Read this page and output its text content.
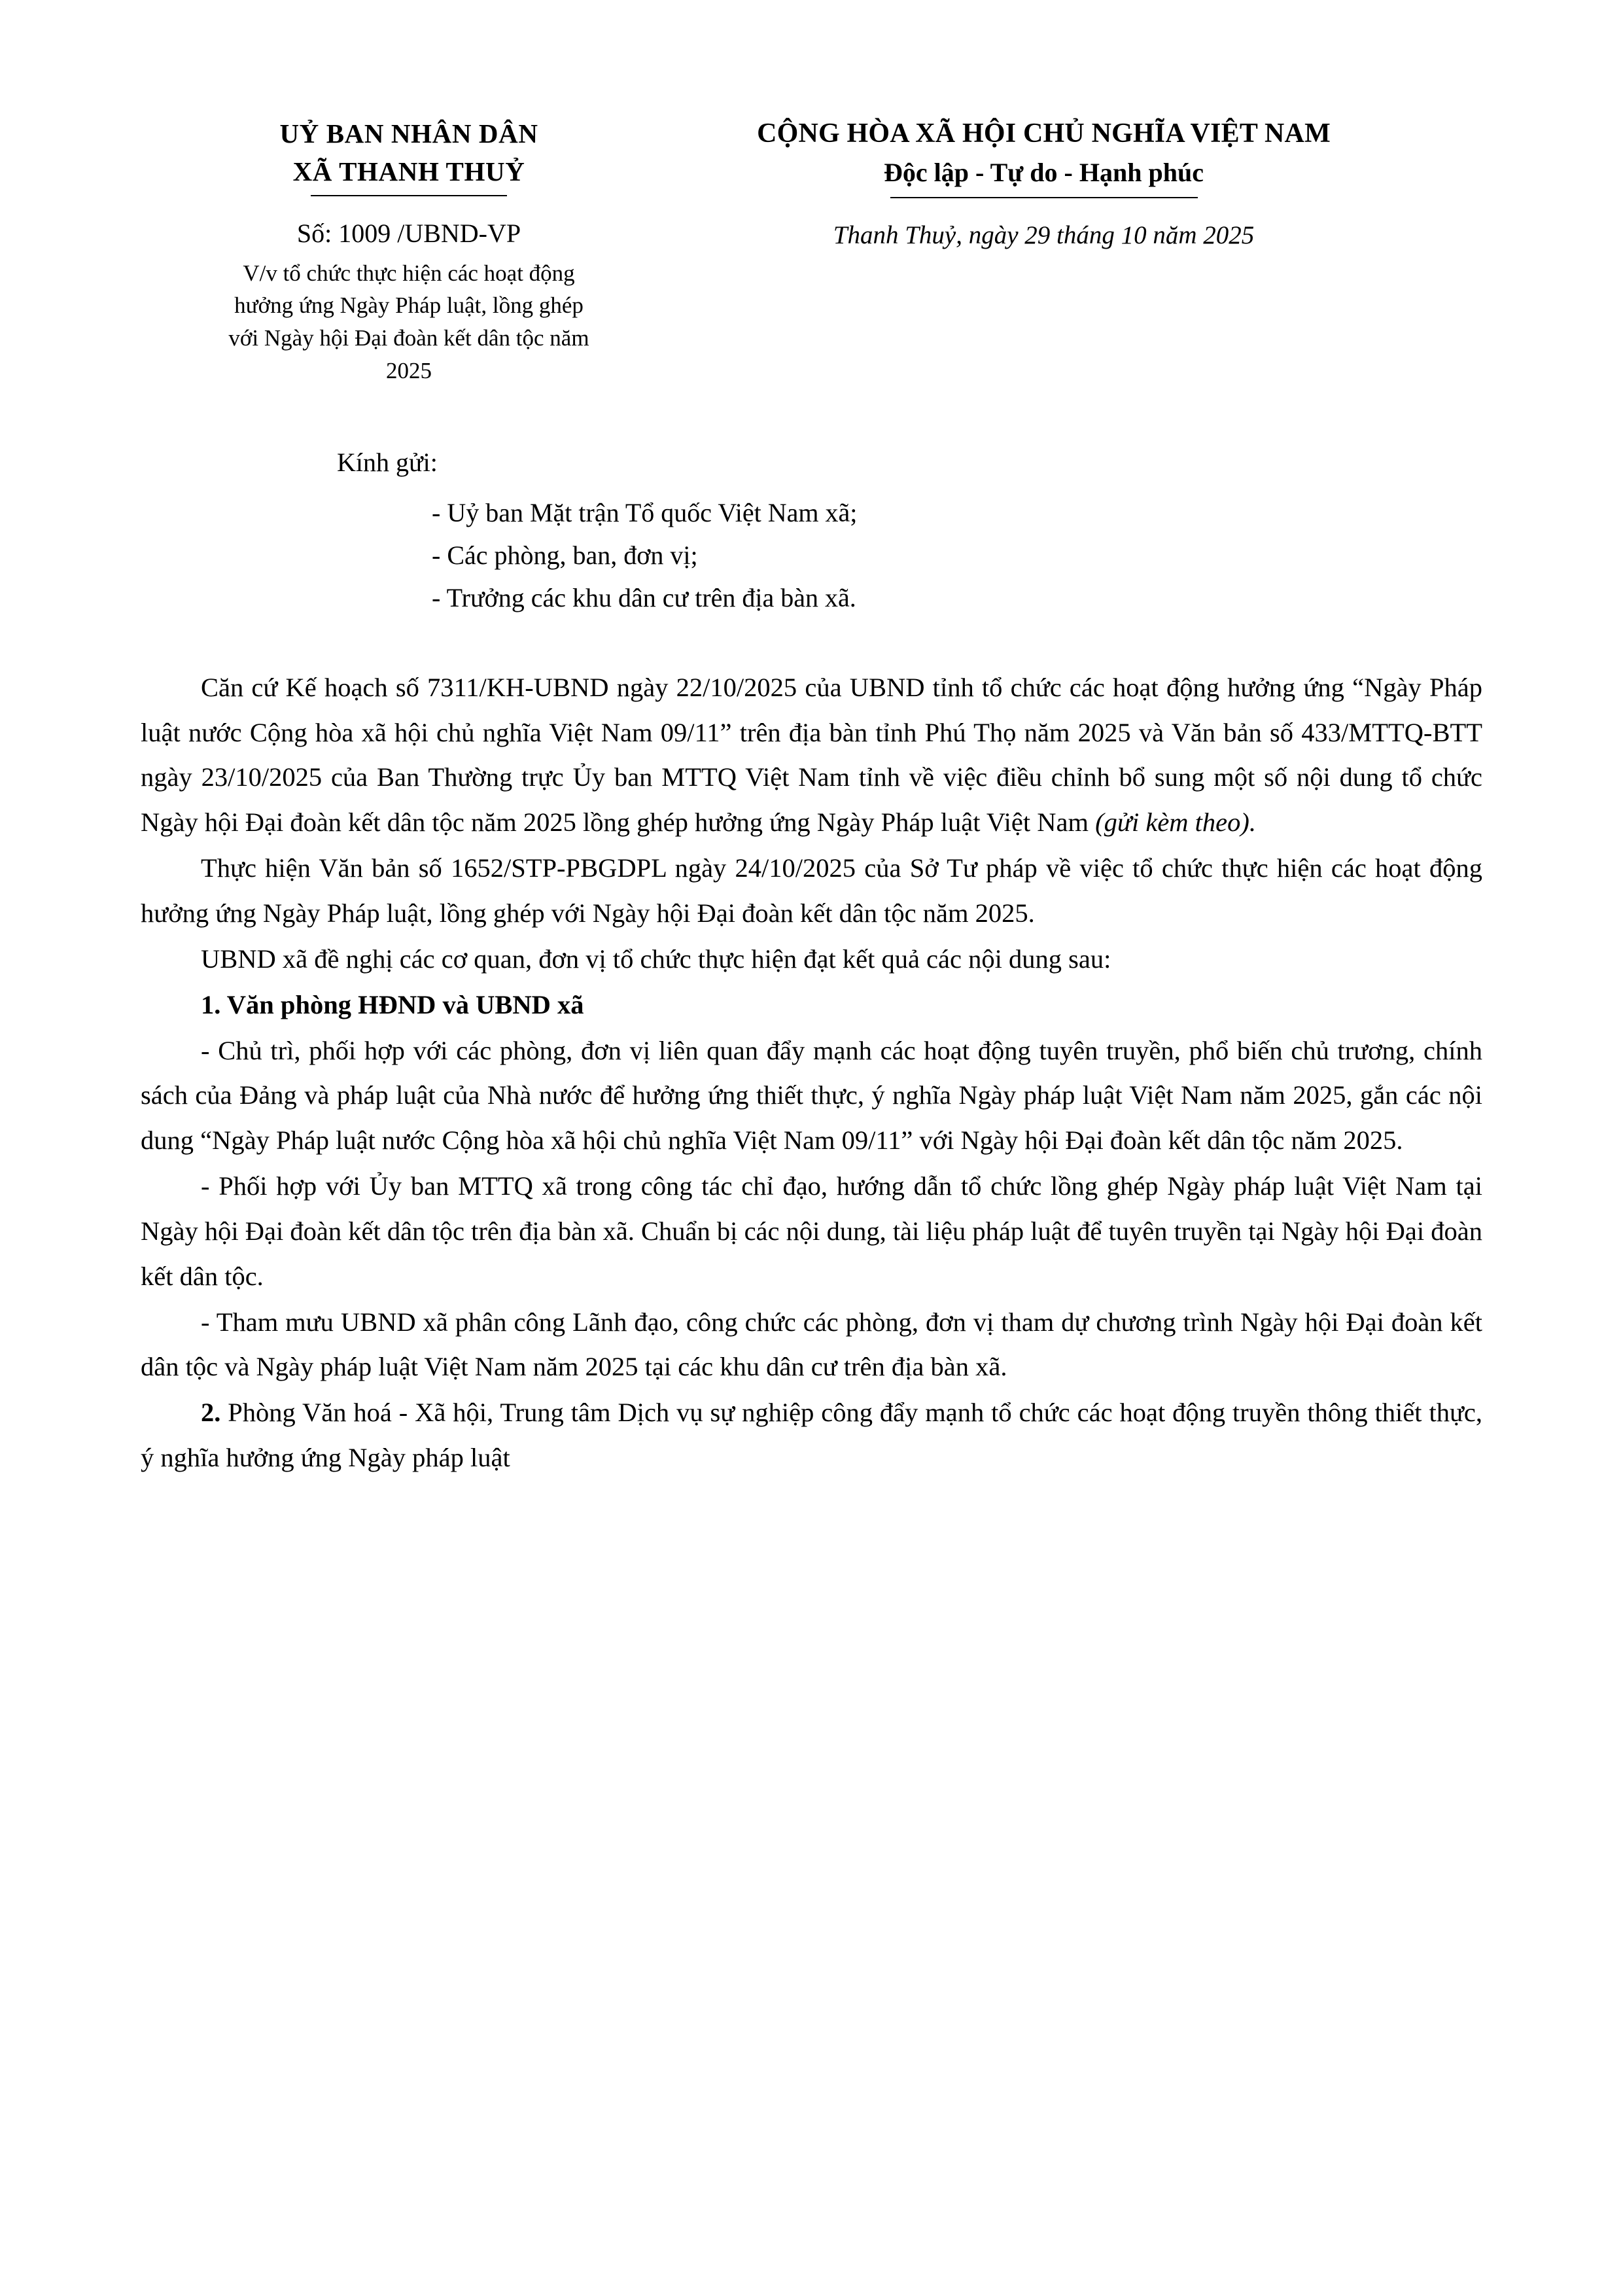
UỶ BAN NHÂN DÂN
XÃ THANH THUỶ
CỘNG HÒA XÃ HỘI CHỦ NGHĨA VIỆT NAM
Độc lập - Tự do - Hạnh phúc
Số: 1009 /UBND-VP
V/v tổ chức thực hiện các hoạt động hưởng ứng Ngày Pháp luật, lồng ghép với Ngày hội Đại đoàn kết dân tộc năm 2025
Thanh Thuỷ, ngày 29 tháng 10 năm 2025
Kính gửi:
- Uỷ ban Mặt trận Tổ quốc Việt Nam xã;
- Các phòng, ban, đơn vị;
- Trưởng các khu dân cư trên địa bàn xã.

Căn cứ Kế hoạch số 7311/KH-UBND ngày 22/10/2025 của UBND tỉnh tổ chức các hoạt động hưởng ứng “Ngày Pháp luật nước Cộng hòa xã hội chủ nghĩa Việt Nam 09/11” trên địa bàn tỉnh Phú Thọ năm 2025 và Văn bản số 433/MTTQ-BTT ngày 23/10/2025 của Ban Thường trực Ủy ban MTTQ Việt Nam tỉnh về việc điều chỉnh bổ sung một số nội dung tổ chức Ngày hội Đại đoàn kết dân tộc năm 2025 lồng ghép hưởng ứng Ngày Pháp luật Việt Nam (gửi kèm theo).

Thực hiện Văn bản số 1652/STP-PBGDPL ngày 24/10/2025 của Sở Tư pháp về việc tổ chức thực hiện các hoạt động hưởng ứng Ngày Pháp luật, lồng ghép với Ngày hội Đại đoàn kết dân tộc năm 2025.

UBND xã đề nghị các cơ quan, đơn vị tổ chức thực hiện đạt kết quả các nội dung sau:

1. Văn phòng HĐND và UBND xã

- Chủ trì, phối hợp với các phòng, đơn vị liên quan đẩy mạnh các hoạt động tuyên truyền, phổ biến chủ trương, chính sách của Đảng và pháp luật của Nhà nước để hưởng ứng thiết thực, ý nghĩa Ngày pháp luật Việt Nam năm 2025, gắn các nội dung “Ngày Pháp luật nước Cộng hòa xã hội chủ nghĩa Việt Nam 09/11” với Ngày hội Đại đoàn kết dân tộc năm 2025.

- Phối hợp với Ủy ban MTTQ xã trong công tác chỉ đạo, hướng dẫn tổ chức lồng ghép Ngày pháp luật Việt Nam tại Ngày hội Đại đoàn kết dân tộc trên địa bàn xã. Chuẩn bị các nội dung, tài liệu pháp luật để tuyên truyền tại Ngày hội Đại đoàn kết dân tộc.

- Tham mưu UBND xã phân công Lãnh đạo, công chức các phòng, đơn vị tham dự chương trình Ngày hội Đại đoàn kết dân tộc và Ngày pháp luật Việt Nam năm 2025 tại các khu dân cư trên địa bàn xã.

2. Phòng Văn hoá - Xã hội, Trung tâm Dịch vụ sự nghiệp công đẩy mạnh tổ chức các hoạt động truyền thông thiết thực, ý nghĩa hưởng ứng Ngày pháp luật
